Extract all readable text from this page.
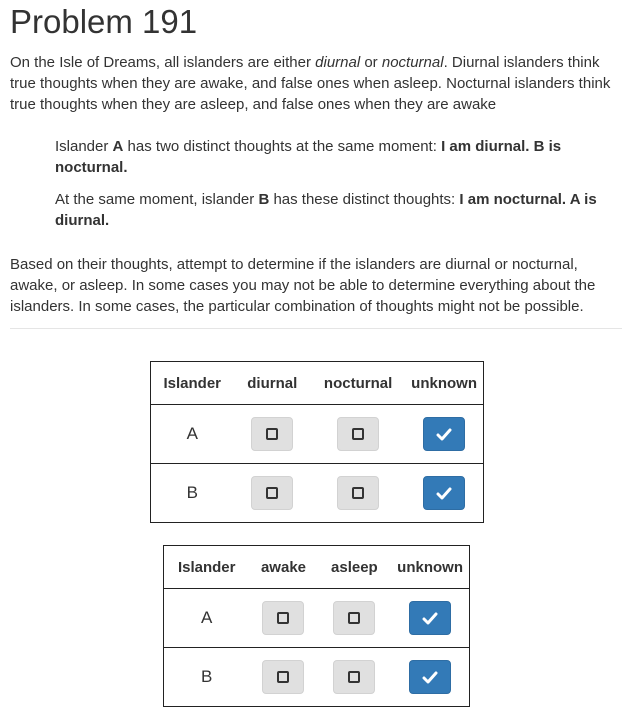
Problem 191

On the Isle of Dreams, all islanders are either diurnal or nocturnal. Diurnal islanders think true thoughts when they are awake, and false ones when asleep. Nocturnal islanders think true thoughts when they are asleep, and false ones when they are awake

Islander A has two distinct thoughts at the same moment: I am diurnal. B is nocturnal.

At the same moment, islander B has these distinct thoughts: I am nocturnal. A is diurnal.

Based on their thoughts, attempt to determine if the islanders are diurnal or nocturnal, awake, or asleep. In some cases you may not be able to determine everything about the islanders. In some cases, the particular combination of thoughts might not be possible.

Islander	diurnal	nocturnal	unknown
A	

B	

Islander	awake	asleep	unknown
A	

B	
